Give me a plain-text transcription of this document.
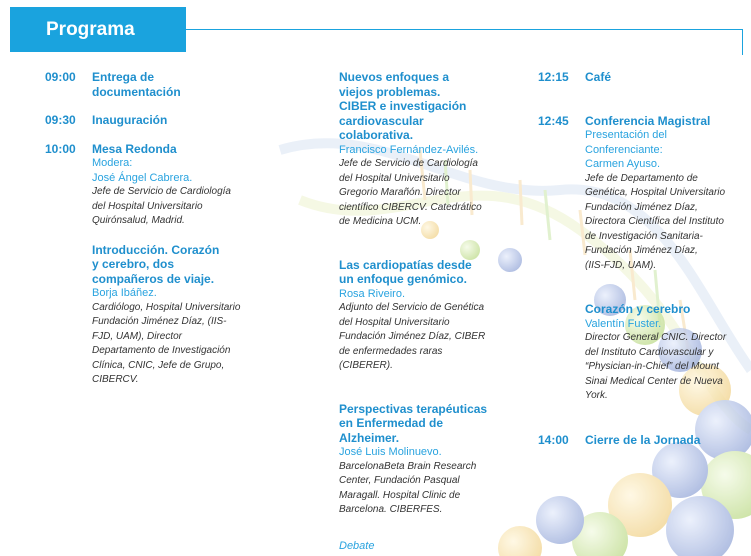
Programa
09:00	Entrega de
documentación
09:30	Inauguración
10:00	Mesa Redonda
Modera:
José Ángel Cabrera.
Jefe de Servicio de Cardiología
del Hospital Universitario
Quirónsalud, Madrid.
Introducción. Corazón
y cerebro, dos
compañeros de viaje.
Borja Ibáñez.
Cardiólogo, Hospital Universitario
Fundación Jiménez Díaz, (IIS-
FJD, UAM), Director
Departamento de Investigación
Clínica, CNIC, Jefe de Grupo,
CIBERCV.
Nuevos enfoques a
viejos problemas.
CIBER e investigación
cardiovascular
colaborativa.
Francisco Fernández-Avilés.
Jefe de Servicio de Cardiología
del Hospital Universitario
Gregorio Marañón. Director
científico CIBERCV. Catedrático
de Medicina UCM.
Las cardiopatías desde
un enfoque genómico.
Rosa Riveiro.
Adjunto del Servicio de Genética
del Hospital Universitario
Fundación Jiménez Díaz, CIBER
de enfermedades raras
(CIBERER).
Perspectivas terapéuticas
en Enfermedad de
Alzheimer.
José Luis Molinuevo.
BarcelonaBeta Brain Research
Center, Fundación Pasqual
Maragall. Hospital Clinic de
Barcelona. CIBERFES.
Debate
12:15	Café
12:45	Conferencia Magistral
Presentación del
Conferenciante:
Carmen Ayuso.
Jefe de Departamento de
Genética, Hospital Universitario
Fundación Jiménez Díaz,
Directora Científica del Instituto
de Investigación Sanitaria-
Fundación Jiménez Díaz,
(IIS-FJD, UAM).
Corazón y cerebro
Valentín Fuster.
Director General CNIC. Director
del Instituto Cardiovascular y
“Physician-in-Chief” del Mount
Sinai Medical Center de Nueva
York.
14:00	Cierre de la Jornada
